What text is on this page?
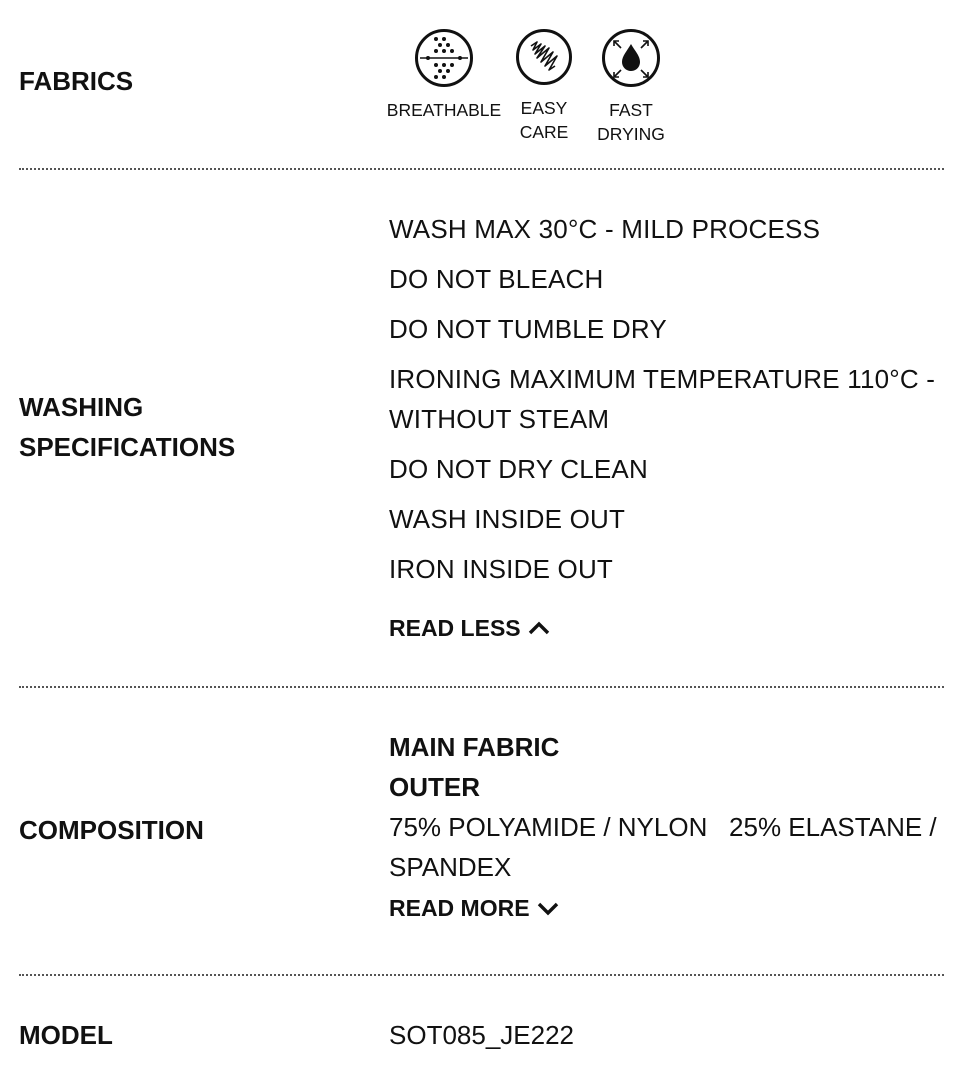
FABRICS
BREATHABLE EASY
CARE
FAST
DRYING
WASHING SPECIFICATIONS
WASH MAX 30°C - MILD PROCESS
DO NOT BLEACH
DO NOT TUMBLE DRY
IRONING MAXIMUM TEMPERATURE 110°C - WITHOUT STEAM
DO NOT DRY CLEAN
WASH INSIDE OUT
IRON INSIDE OUT
READ LESS
COMPOSITION
MAIN FABRIC
OUTER
75% POLYAMIDE / NYLON   25% ELASTANE / SPANDEX
READ MORE
MODEL	SOT085_JE222
